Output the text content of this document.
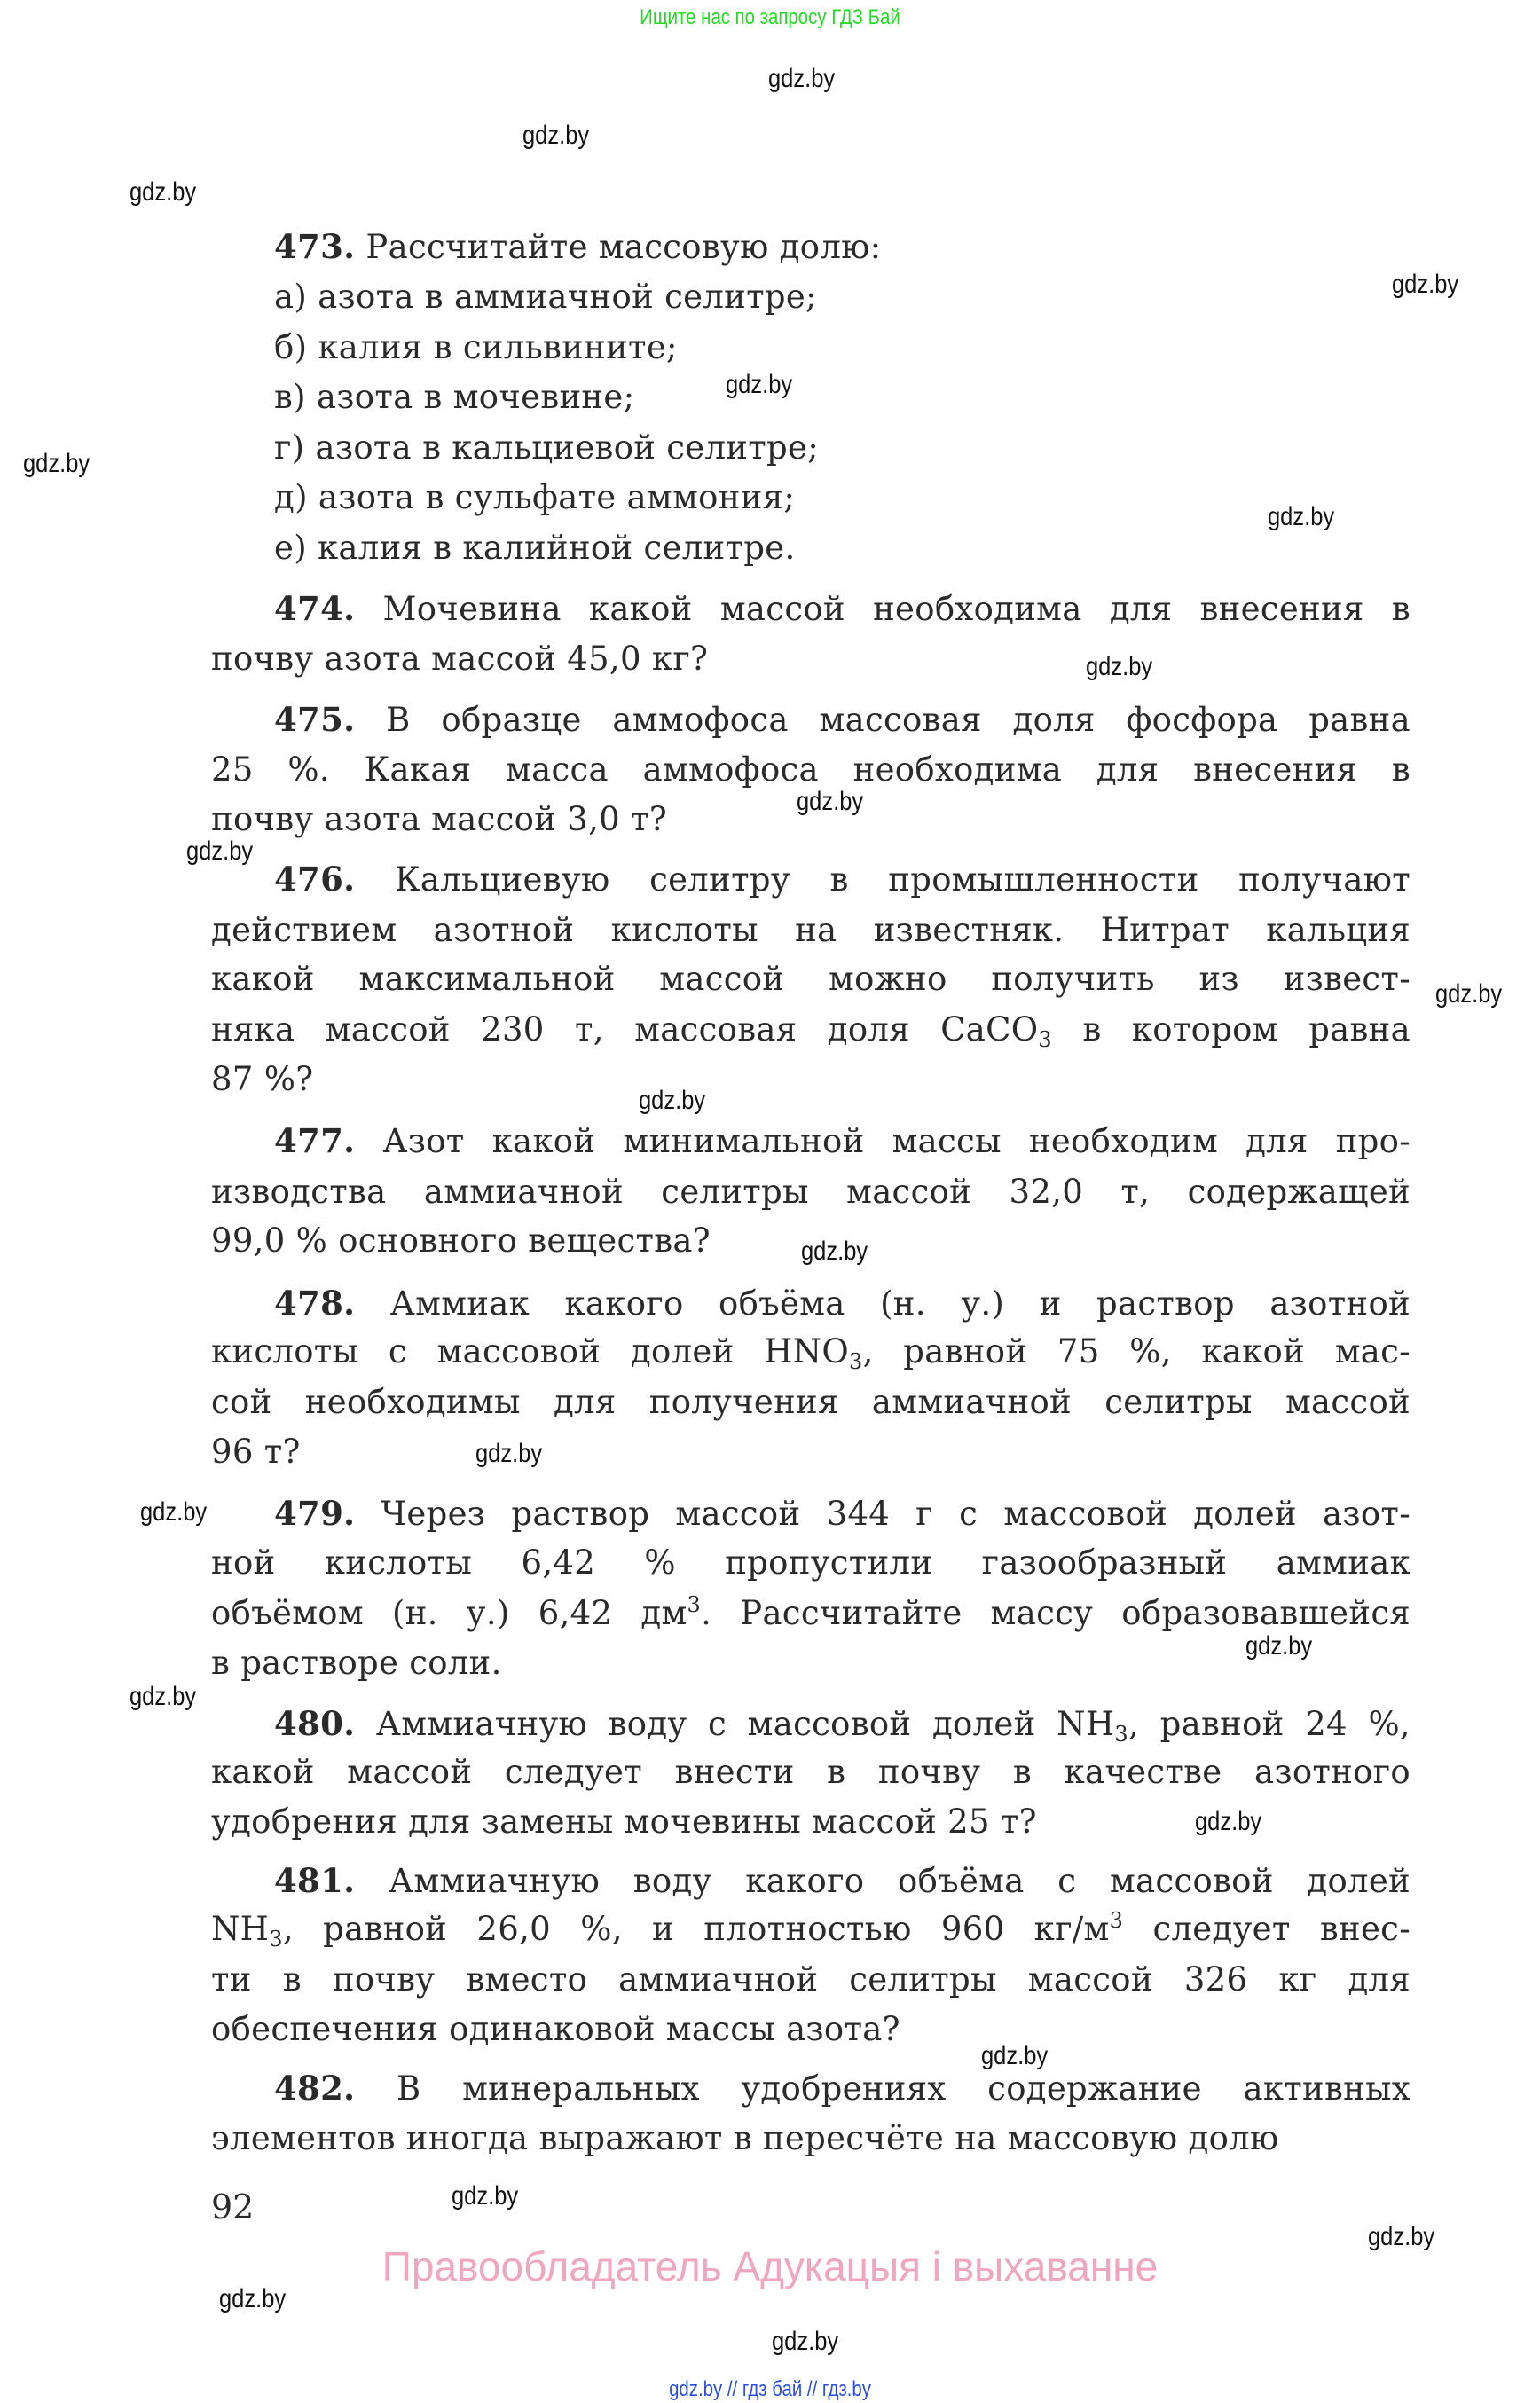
Ищите нас по запросу ГДЗ Бай
473. Рассчитайте массовую долю:
а) азота в аммиачной селитре;
б) калия в сильвините;
в) азота в мочевине;
г) азота в кальциевой селитре;
д) азота в сульфате аммония;
е) калия в калийной селитре.
474. Мочевина какой массой необходима для внесения в
почву азота массой 45,0 кг?
475. В образце аммофоса массовая доля фосфора равна
25 %. Какая масса аммофоса необходима для внесения в
почву азота массой 3,0 т?
476. Кальциевую селитру в промышленности получают
действием азотной кислоты на известняк. Нитрат кальция
какой максимальной массой можно получить из извест-
няка массой 230 т, массовая доля CaCO$_3$ в котором равна
87 %?
477. Азот какой минимальной массы необходим для про-
изводства аммиачной селитры массой 32,0 т, содержащей
99,0 % основного вещества?
478. Аммиак какого объёма (н. у.) и раствор азотной
кислоты с массовой долей $HNO_3$, равной 75 %, какой мас-
сой необходимы для получения аммиачной селитры массой
96 т?
479. Через раствор массой 344 г с массовой долей азот-
ной кислоты 6,42 % пропустили газообразный аммиак
объёмом (н. у.) 6,42 $дм^3$. Рассчитайте массу образовавшейся
в растворе соли.
480. Аммиачную воду с массовой долей $NH_3$, равной 24 %,
какой массой следует внести в почву в качестве азотного
удобрения для замены мочевины массой 25 т?
481. Аммиачную воду какого объёма с массовой долей
$NH_3$, равной 26,0 %, и плотностью 960 $кг/м^3$ следует внес-
ти в почву вместо аммиачной селитры массой 326 кг для
обеспечения одинаковой массы азота?
482. В минеральных удобрениях содержание активных
элементов иногда выражают в пересчёте на массовую долю
92
Правообладатель Адукацыя і выхаванне
gdz.by // гдз бай // гдз.by
gdz.by
gdz.by
gdz.by
gdz.by
gdz.by
gdz.by
gdz.by
gdz.by
gdz.by
gdz.by
gdz.by
gdz.by
gdz.by
gdz.by
gdz.by
gdz.by
gdz.by
gdz.by
gdz.by
gdz.by
gdz.by
gdz.by
gdz.by
